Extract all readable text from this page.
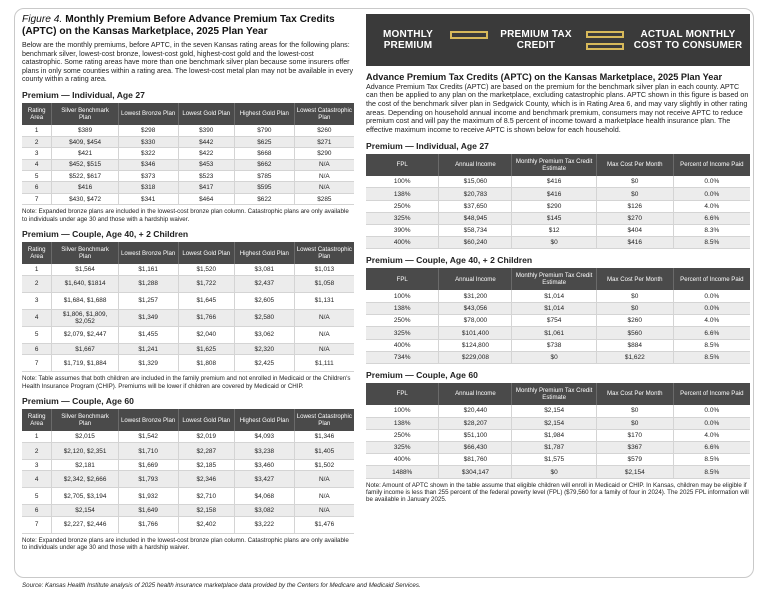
Figure 4. Monthly Premium Before Advance Premium Tax Credits (APTC) on the Kansas Marketplace, 2025 Plan Year
Below are the monthly premiums, before APTC, in the seven Kansas rating areas for the following plans: benchmark silver, lowest-cost bronze, lowest-cost gold, highest-cost gold and the lowest-cost catastrophic. Some rating areas have more than one benchmark silver plan because some insurers offer plans in only some counties within a rating area. The lowest-cost metal plan may not be available in every county within a rating area.
Premium — Individual, Age 27
Rating Area	Silver Benchmark Plan	Lowest Bronze Plan	Lowest Gold Plan	Highest Gold Plan	Lowest Catastrophic Plan
1	$389	$298	$390	$790	$260
2	$409, $454	$330	$442	$625	$271
3	$421	$322	$422	$668	$290
4	$452, $515	$346	$453	$662	N/A
5	$522, $617	$373	$523	$785	N/A
6	$416	$318	$417	$595	N/A
7	$430, $472	$341	$464	$622	$285
Note: Expanded bronze plans are included in the lowest-cost bronze plan column. Catastrophic plans are only available to individuals under age 30 and those with a hardship waiver.
Premium — Couple, Age 40, + 2 Children
Rating Area	Silver Benchmark Plan	Lowest Bronze Plan	Lowest Gold Plan	Highest Gold Plan	Lowest Catastrophic Plan
1	$1,564	$1,161	$1,520	$3,081	$1,013
2	$1,640, $1814	$1,288	$1,722	$2,437	$1,058
3	$1,684, $1,688	$1,257	$1,645	$2,605	$1,131
4	$1,806, $1,809, $2,052	$1,349	$1,766	$2,580	N/A
5	$2,079, $2,447	$1,455	$2,040	$3,062	N/A
6	$1,667	$1,241	$1,625	$2,320	N/A
7	$1,719, $1,884	$1,329	$1,808	$2,425	$1,111
Note: Table assumes that both children are included in the family premium and not enrolled in Medicaid or the Children's Health Insurance Program (CHIP). Premiums will be lower if children are covered by Medicaid or CHIP.
Premium — Couple, Age 60
Rating Area	Silver Benchmark Plan	Lowest Bronze Plan	Lowest Gold Plan	Highest Gold Plan	Lowest Catastrophic Plan
1	$2,015	$1,542	$2,019	$4,093	$1,346
2	$2,120, $2,351	$1,710	$2,287	$3,238	$1,405
3	$2,181	$1,669	$2,185	$3,460	$1,502
4	$2,342, $2,666	$1,793	$2,346	$3,427	N/A
5	$2,705, $3,194	$1,932	$2,710	$4,068	N/A
6	$2,154	$1,649	$2,158	$3,082	N/A
7	$2,227, $2,446	$1,766	$2,402	$3,222	$1,476
Note: Expanded bronze plans are included in the lowest-cost bronze plan column. Catastrophic plans are only available to individuals under age 30 and those with a hardship waiver.
MONTHLY PREMIUM
PREMIUM TAX CREDIT
ACTUAL MONTHLY COST TO CONSUMER
Advance Premium Tax Credits (APTC) on the Kansas Marketplace, 2025 Plan Year
Advance Premium Tax Credits (APTC) are based on the premium for the benchmark silver plan in each county. APTC can then be applied to any plan on the marketplace, excluding catastrophic plans. APTC shown in this figure is based on the cost of the benchmark silver plan in Sedgwick County, which is in Rating Area 6, and may vary slightly in other rating areas. Depending on household annual income and benchmark premium, consumers may not receive APTC to reduce premium cost and will pay the maximum of 8.5 percent of income toward a marketplace health insurance plan. The effective maximum income to receive APTC is shown below for each household.
Premium — Individual, Age 27
FPL	Annual Income	Monthly Premium Tax Credit Estimate	Max Cost Per Month	Percent of Income Paid
100%	$15,060	$416	$0	0.0%
138%	$20,783	$416	$0	0.0%
250%	$37,650	$290	$126	4.0%
325%	$48,945	$145	$270	6.6%
390%	$58,734	$12	$404	8.3%
400%	$60,240	$0	$416	8.5%
Premium — Couple, Age 40, + 2 Children
FPL	Annual Income	Monthly Premium Tax Credit Estimate	Max Cost Per Month	Percent of Income Paid
100%	$31,200	$1,014	$0	0.0%
138%	$43,056	$1,014	$0	0.0%
250%	$78,000	$754	$260	4.0%
325%	$101,400	$1,061	$560	6.6%
400%	$124,800	$738	$884	8.5%
734%	$229,008	$0	$1,622	8.5%
Premium — Couple, Age 60
FPL	Annual Income	Monthly Premium Tax Credit Estimate	Max Cost Per Month	Percent of Income Paid
100%	$20,440	$2,154	$0	0.0%
138%	$28,207	$2,154	$0	0.0%
250%	$51,100	$1,984	$170	4.0%
325%	$66,430	$1,787	$367	6.6%
400%	$81,760	$1,575	$579	8.5%
1488%	$304,147	$0	$2,154	8.5%
Note: Amount of APTC shown in the table assume that eligible children will enroll in Medicaid or CHIP. In Kansas, children may be eligible if family income is less than 255 percent of the federal poverty level (FPL) ($79,560 for a family of four in 2024). The 2025 FPL information will be available in January 2025.
Source: Kansas Health Institute analysis of 2025 health insurance marketplace data provided by the Centers for Medicare and Medicaid Services.
